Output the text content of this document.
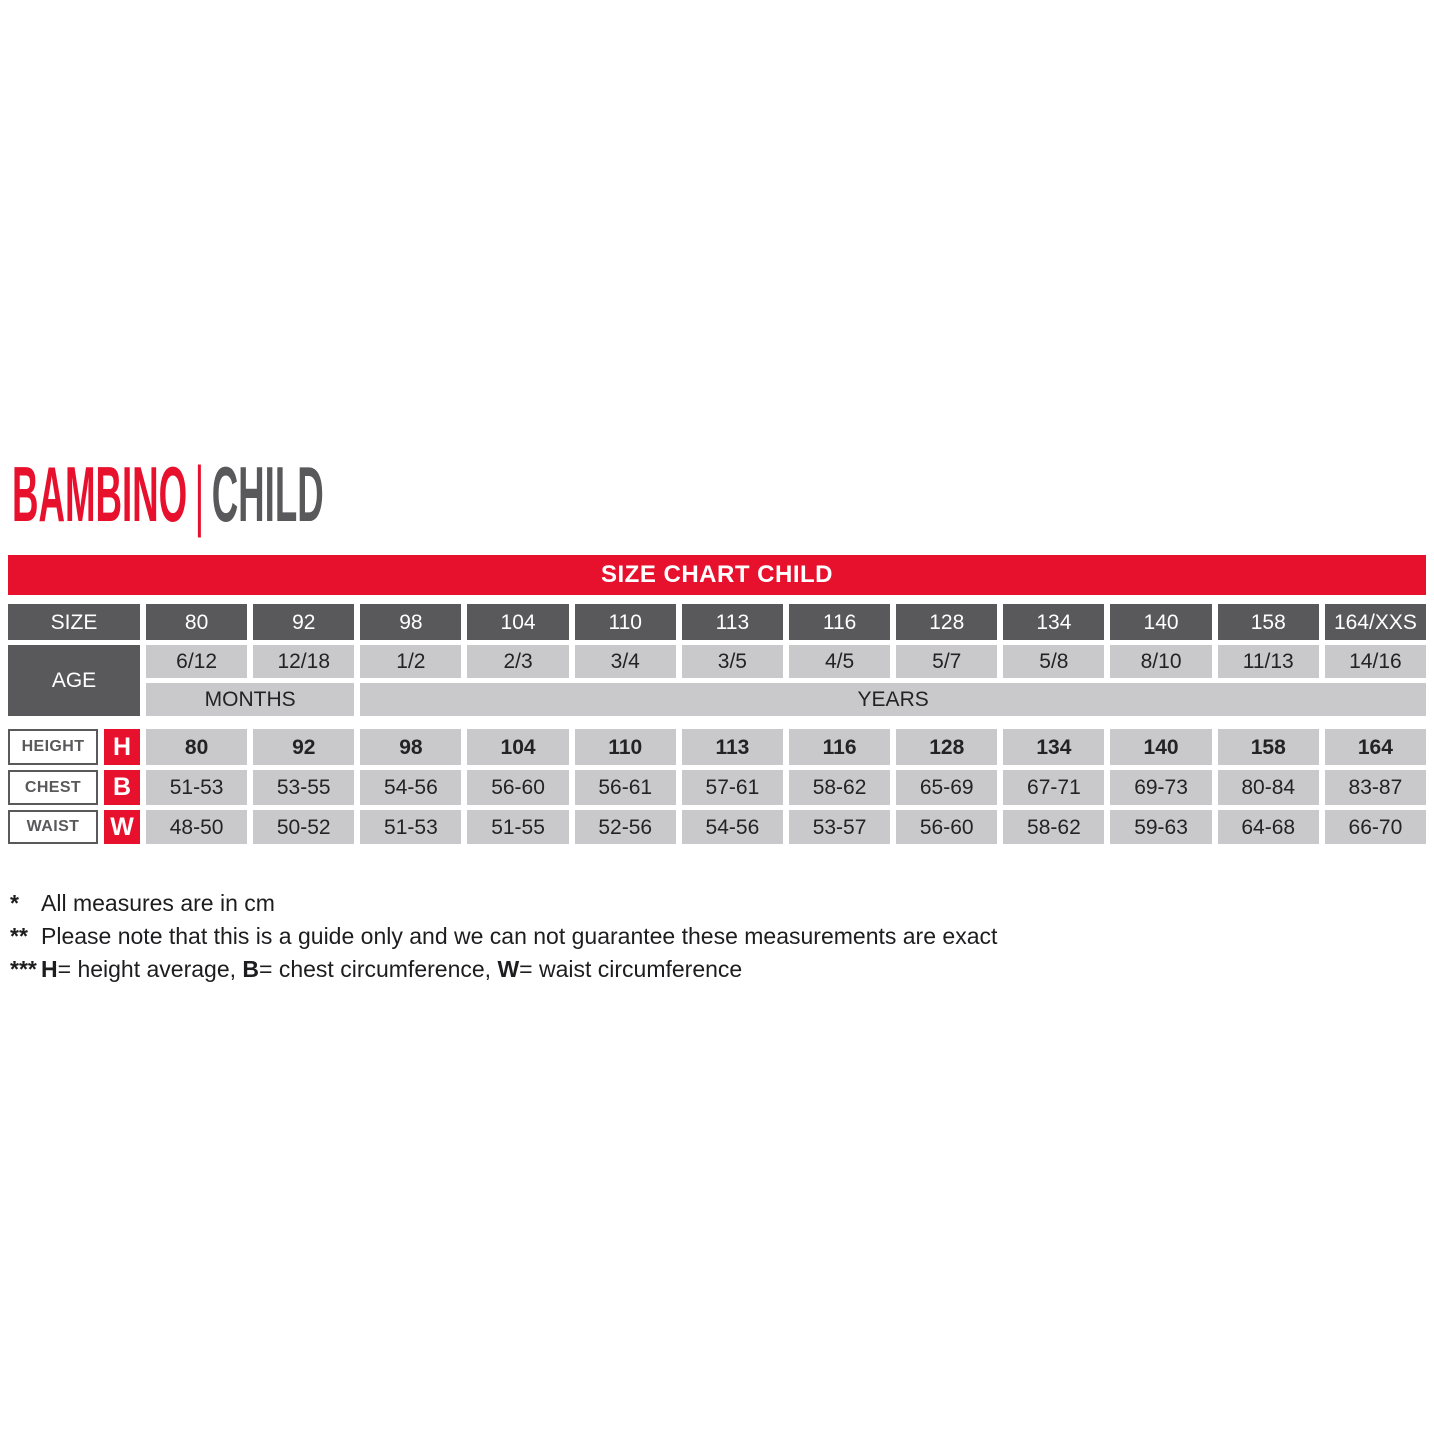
BAMBINO|CHILD
SIZE CHART CHILD
SIZE	80	92	98	104	110	113	116	128	134	140	158	164/XXS
AGE
6/12	12/18	1/2	2/3	3/4	3/5	4/5	5/7	5/8	8/10	11/13	14/16
MONTHS	YEARS
HEIGHT	H	80	92	98	104	110	113	116	128	134	140	158	164
CHEST	B	51-53	53-55	54-56	56-60	56-61	57-61	58-62	65-69	67-71	69-73	80-84	83-87
WAIST	W	48-50	50-52	51-53	51-55	52-56	54-56	53-57	56-60	58-62	59-63	64-68	66-70
* All measures are in cm
** Please note that this is a guide only and we can not guarantee these measurements are exact
*** H= height average, B= chest circumference, W= waist circumference
